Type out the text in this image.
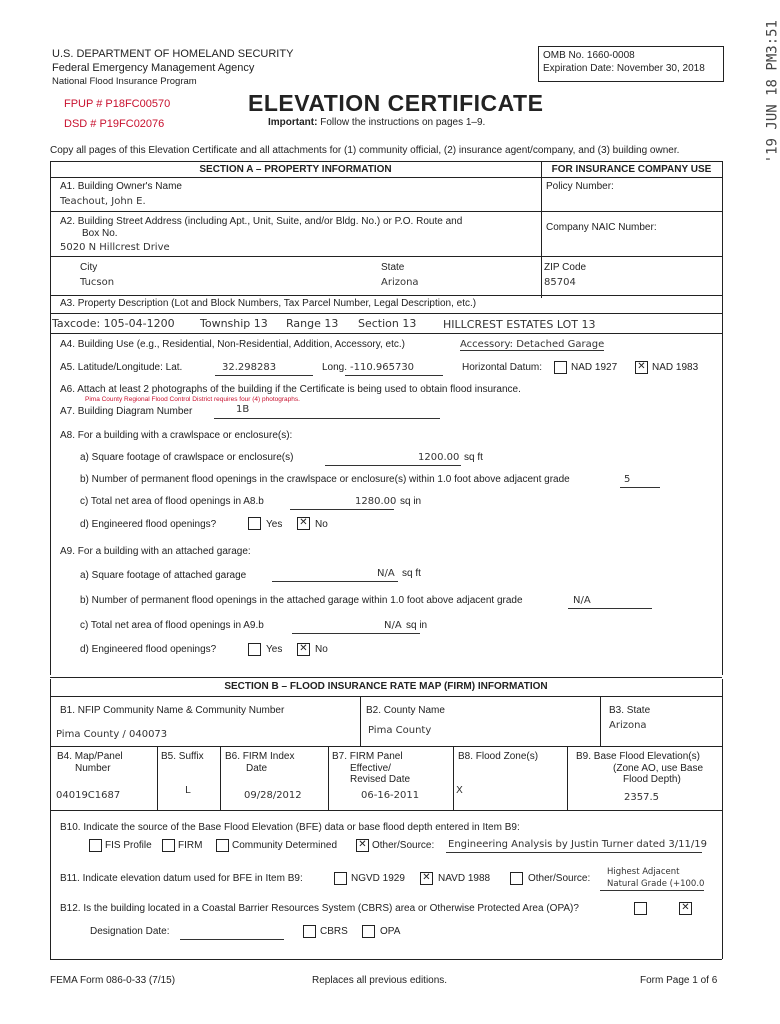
'19 JUN 18 PM3:51
U.S. DEPARTMENT OF HOMELAND SECURITY
Federal Emergency Management Agency
National Flood Insurance Program
OMB No. 1660-0008
Expiration Date: November 30, 2018
FPUP # P18FC00570
DSD # P19FC02076
ELEVATION CERTIFICATE
Important: Follow the instructions on pages 1–9.
Copy all pages of this Elevation Certificate and all attachments for (1) community official, (2) insurance agent/company, and (3) building owner.
SECTION A – PROPERTY INFORMATION	FOR INSURANCE COMPANY USE
A1. Building Owner's Name
Teachout, John E.
Policy Number:
A2. Building Street Address (including Apt., Unit, Suite, and/or Bldg. No.) or P.O. Route and
Box No.
5020 N Hillcrest Drive
Company NAIC Number:
City
Tucson
State
Arizona
ZIP Code
85704
A3. Property Description (Lot and Block Numbers, Tax Parcel Number, Legal Description, etc.)
Taxcode: 105-04-1200 Township 13 Range 13 Section 13 HILLCREST ESTATES LOT 13
A4. Building Use (e.g., Residential, Non-Residential, Addition, Accessory, etc.)	Accessory: Detached Garage
A5. Latitude/Longitude: Lat.	32.298283	Long. -110.965730	Horizontal Datum:	NAD 1927 ✕ NAD 1983
A6. Attach at least 2 photographs of the building if the Certificate is being used to obtain flood insurance.
Pima County Regional Flood Control District requires four (4) photographs.
A7. Building Diagram Number	1B
A8. For a building with a crawlspace or enclosure(s):
a) Square footage of crawlspace or enclosure(s)	1200.00 sq ft
b) Number of permanent flood openings in the crawlspace or enclosure(s) within 1.0 foot above adjacent grade	5
c) Total net area of flood openings in A8.b	1280.00 sq in
d) Engineered flood openings?	Yes ✕ No
A9. For a building with an attached garage:
a) Square footage of attached garage	N/A sq ft
b) Number of permanent flood openings in the attached garage within 1.0 foot above adjacent grade	N/A
c) Total net area of flood openings in A9.b	N/A sq in
d) Engineered flood openings?	Yes ✕ No
SECTION B – FLOOD INSURANCE RATE MAP (FIRM) INFORMATION
B1. NFIP Community Name & Community Number
Pima County / 040073
B2. County Name
Pima County
B3. State
Arizona
B4. Map/Panel
Number
04019C1687
B5. Suffix
L
B6. FIRM Index
Date
09/28/2012
B7. FIRM Panel
Effective/
Revised Date
06-16-2011
B8. Flood Zone(s)
X
B9. Base Flood Elevation(s)
(Zone AO, use Base
Flood Depth)
2357.5
B10. Indicate the source of the Base Flood Elevation (BFE) data or base flood depth entered in Item B9:
FIS Profile	FIRM	Community Determined ✕ Other/Source: Engineering Analysis by Justin Turner dated 3/11/19
B11. Indicate elevation datum used for BFE in Item B9:	NGVD 1929 ✕ NAVD 1988	Other/Source:
Highest Adjacent
Natural Grade (+100.0
B12. Is the building located in a Coastal Barrier Resources System (CBRS) area or Otherwise Protected Area (OPA)?	✕
Designation Date:	CBRS	OPA
FEMA Form 086-0-33 (7/15)	Replaces all previous editions.	Form Page 1 of 6
